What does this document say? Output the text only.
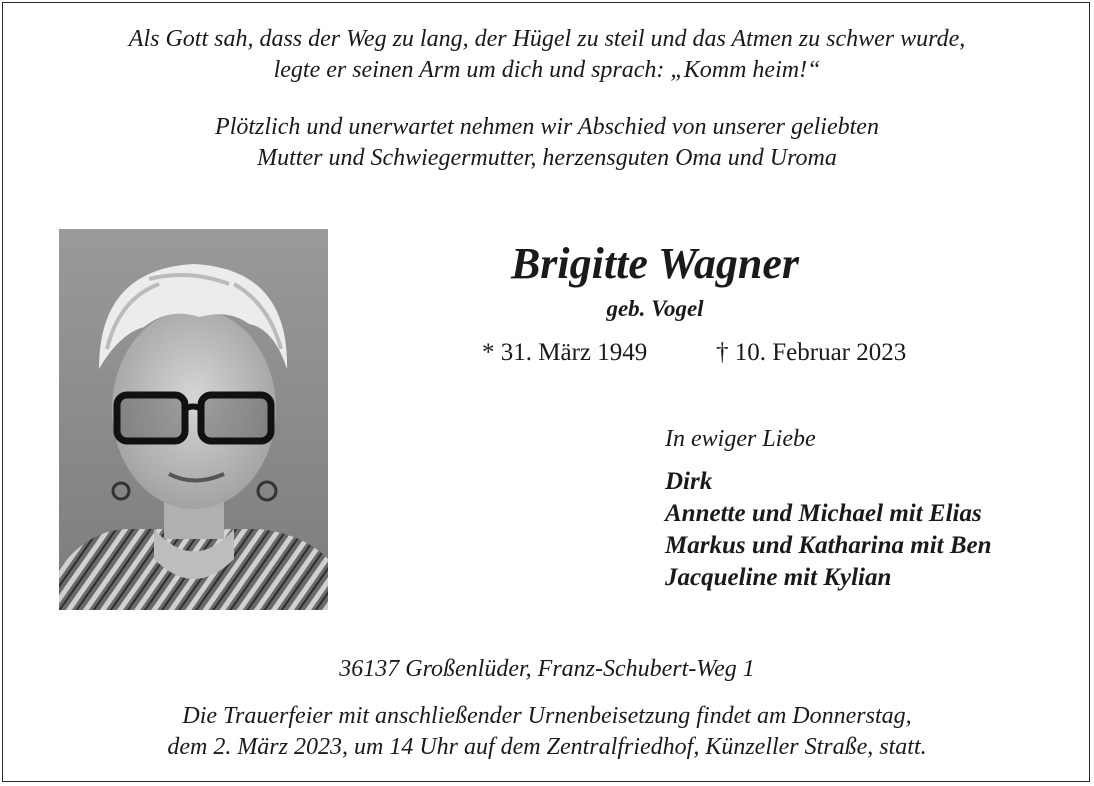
Als Gott sah, dass der Weg zu lang, der Hügel zu steil und das Atmen zu schwer wurde,
legte er seinen Arm um dich und sprach: „Komm heim!“
Plötzlich und unerwartet nehmen wir Abschied von unserer geliebten
Mutter und Schwiegermutter, herzensguten Oma und Uroma
Brigitte Wagner
geb. Vogel
* 31. März 1949	† 10. Februar 2023
In ewiger Liebe
Dirk
Annette und Michael mit Elias
Markus und Katharina mit Ben
Jacqueline mit Kylian
36137 Großenlüder, Franz-Schubert-Weg 1
Die Trauerfeier mit anschließender Urnenbeisetzung findet am Donnerstag,
dem 2. März 2023, um 14 Uhr auf dem Zentralfriedhof, Künzeller Straße, statt.
